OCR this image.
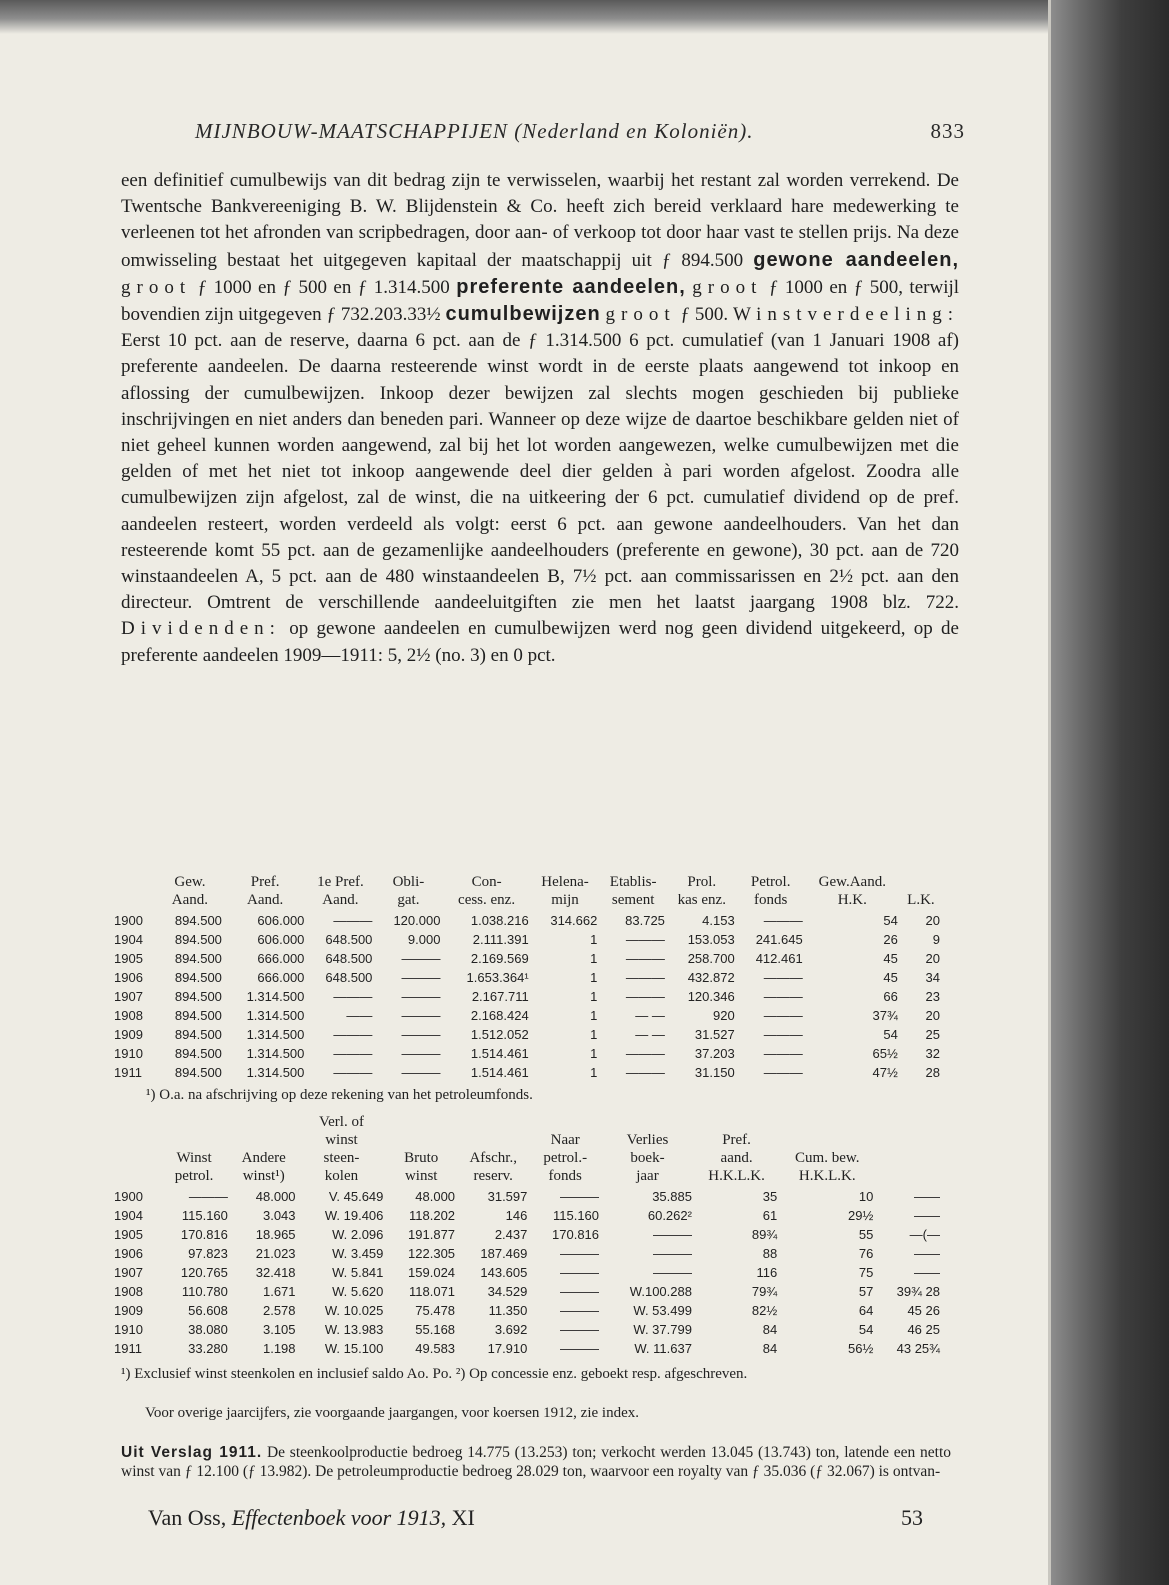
MIJNBOUW-MAATSCHAPPIJEN (Nederland en Koloniën).	833

een definitief cumulbewijs van dit bedrag zijn te verwisselen, waarbij het restant zal worden verrekend. De Twentsche Bankvereeniging B. W. Blijdenstein & Co. heeft zich bereid verklaard hare medewerking te verleenen tot het afronden van scripbedragen, door aan- of verkoop tot door haar vast te stellen prijs. Na deze omwisseling bestaat het uitgegeven kapitaal der maatschappij uit ƒ 894.500 gewone aandeelen, groot ƒ 1000 en ƒ 500 en ƒ 1.314.500 preferente aandeelen, groot ƒ 1000 en ƒ 500, terwijl bovendien zijn uitgegeven ƒ 732.203.33½ cumulbewijzen groot ƒ 500. Winstverdeeling: Eerst 10 pct. aan de reserve, daarna 6 pct. aan de ƒ 1.314.500 6 pct. cumulatief (van 1 Januari 1908 af) preferente aandeelen. De daarna resteerende winst wordt in de eerste plaats aangewend tot inkoop en aflossing der cumulbewijzen. Inkoop dezer bewijzen zal slechts mogen geschieden bij publieke inschrijvingen en niet anders dan beneden pari. Wanneer op deze wijze de daartoe beschikbare gelden niet of niet geheel kunnen worden aangewend, zal bij het lot worden aangewezen, welke cumulbewijzen met die gelden of met het niet tot inkoop aangewende deel dier gelden à pari worden afgelost. Zoodra alle cumulbewijzen zijn afgelost, zal de winst, die na uitkeering der 6 pct. cumulatief dividend op de pref. aandeelen resteert, worden verdeeld als volgt: eerst 6 pct. aan gewone aandeelhouders. Van het dan resteerende komt 55 pct. aan de gezamenlijke aandeelhouders (preferente en gewone), 30 pct. aan de 720 winstaandeelen A, 5 pct. aan de 480 winstaandeelen B, 7½ pct. aan commissarissen en 2½ pct. aan den directeur. Omtrent de verschillende aandeeluitgiften zie men het laatst jaargang 1908 blz. 722. Dividenden: op gewone aandeelen en cumulbewijzen werd nog geen dividend uitgekeerd, op de preferente aandeelen 1909—1911: 5, 2½ (no. 3) en 0 pct.

	Gew.	Pref.	1e Pref.	Obli-	Con-	Helena-	Etablis-	Prol.	Petrol.	Gew.Aand.	
	Aand.	Aand.	Aand.	gat.	cess. enz.	mijn	sement	kas enz.	fonds	H.K.	L.K.
1900	894.500	606.000	———	120.000	1.038.216	314.662	83.725	4.153	———	54	20
1904	894.500	606.000	648.500	9.000	2.111.391	1	———	153.053	241.645	26	9
1905	894.500	666.000	648.500	———	2.169.569	1	———	258.700	412.461	45	20
1906	894.500	666.000	648.500	———	1.653.364¹	1	———	432.872	———	45	34
1907	894.500	1.314.500	———	———	2.167.711	1	———	120.346	———	66	23
1908	894.500	1.314.500	——	———	2.168.424	1	— —	920	———	37¾	20
1909	894.500	1.314.500	———	———	1.512.052	1	— —	31.527	———	54	25
1910	894.500	1.314.500	———	———	1.514.461	1	———	37.203	———	65½	32
1911	894.500	1.314.500	———	———	1.514.461	1	———	31.150	———	47½	28
¹) O.a. na afschrijving op deze rekening van het petroleumfonds.
			Verl. of							
			winst			Naar	Verlies	Pref.		
	Winst	Andere	steen-	Bruto	Afschr.,	petrol.-	boek-	aand.	Cum. bew.	
	petrol.	winst¹)	kolen	winst	reserv.	fonds	jaar	H.K.L.K.	H.K.L.K.	
1900	———	48.000	V. 45.649	48.000	31.597	———	35.885	35	10	——
1904	115.160	3.043	W. 19.406	118.202	146	115.160	60.262²	61	29½	——
1905	170.816	18.965	W. 2.096	191.877	2.437	170.816	———	89¾	55	—(—
1906	97.823	21.023	W. 3.459	122.305	187.469	———	———	88	76	——
1907	120.765	32.418	W. 5.841	159.024	143.605	———	———	116	75	——
1908	110.780	1.671	W. 5.620	118.071	34.529	———	W.100.288	79¾	57	39¾ 28
1909	56.608	2.578	W. 10.025	75.478	11.350	———	W. 53.499	82½	64	45 26
1910	38.080	3.105	W. 13.983	55.168	3.692	———	W. 37.799	84	54	46 25
1911	33.280	1.198	W. 15.100	49.583	17.910	———	W. 11.637	84	56½	43 25¾
¹) Exclusief winst steenkolen en inclusief saldo Ao. Po. ²) Op concessie enz. geboekt resp. afgeschreven.
Voor overige jaarcijfers, zie voorgaande jaargangen, voor koersen 1912, zie index.
Uit Verslag 1911. De steenkoolproductie bedroeg 14.775 (13.253) ton; verkocht werden 13.045 (13.743) ton, latende een netto winst van ƒ 12.100 (ƒ 13.982). De petroleumproductie bedroeg 28.029 ton, waarvoor een royalty van ƒ 35.036 (ƒ 32.067) is ontvan-
Van Oss, Effectenboek voor 1913, XI	53
